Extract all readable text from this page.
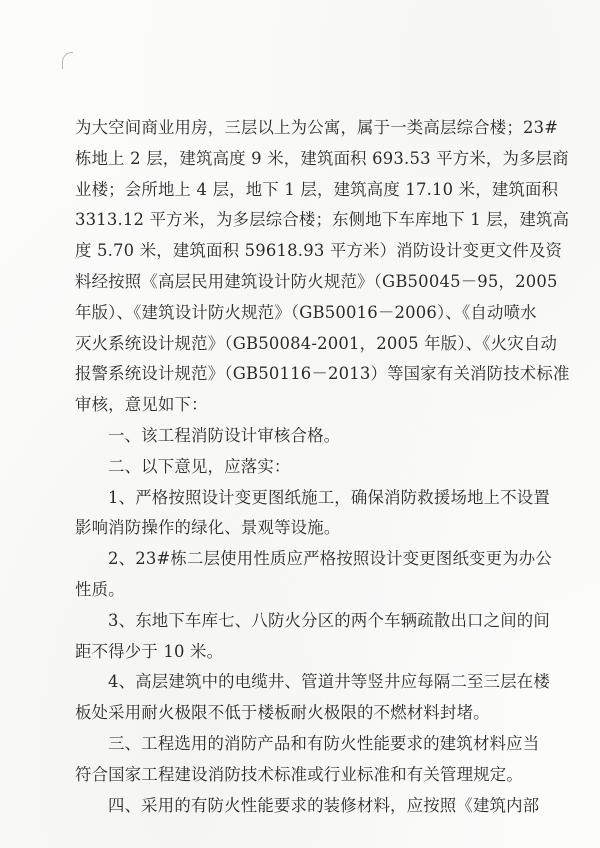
为大空间商业用房，三层以上为公寓，属于一类高层综合楼；23#
栋地上 2 层，建筑高度 9 米，建筑面积 693.53 平方米，为多层商
业楼；会所地上 4 层，地下 1 层，建筑高度 17.10 米，建筑面积
3313.12 平方米，为多层综合楼；东侧地下车库地下 1 层，建筑高
度 5.70 米，建筑面积 59618.93 平方米）消防设计变更文件及资
料经按照《高层民用建筑设计防火规范》（GB50045－95，2005
年版）、《建筑设计防火规范》（GB50016－2006）、《自动喷水
灭火系统设计规范》（GB50084-2001，2005 年版）、《火灾自动
报警系统设计规范》（GB50116－2013）等国家有关消防技术标准
审核，意见如下：
一、该工程消防设计审核合格。
二、以下意见，应落实：
1、严格按照设计变更图纸施工，确保消防救援场地上不设置
影响消防操作的绿化、景观等设施。
2、23#栋二层使用性质应严格按照设计变更图纸变更为办公
性质。
3、东地下车库七、八防火分区的两个车辆疏散出口之间的间
距不得少于 10 米。
4、高层建筑中的电缆井、管道井等竖井应每隔二至三层在楼
板处采用耐火极限不低于楼板耐火极限的不燃材料封堵。
三、工程选用的消防产品和有防火性能要求的建筑材料应当
符合国家工程建设消防技术标准或行业标准和有关管理规定。
四、采用的有防火性能要求的装修材料，应按照《建筑内部
